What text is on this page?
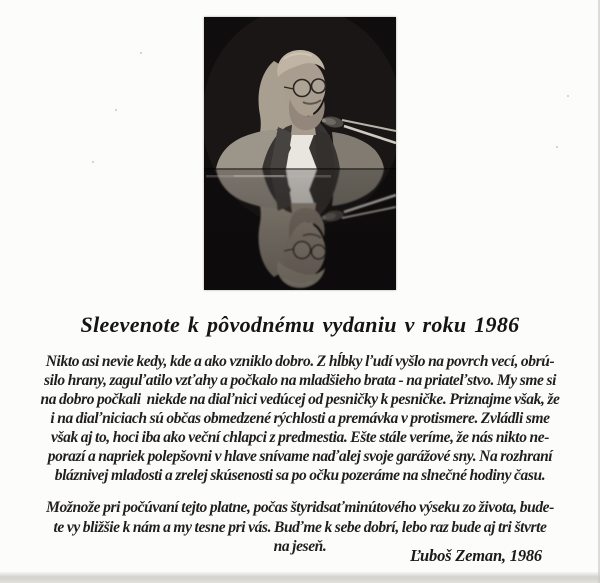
Sleevenote k pôvodnému vydaniu v roku 1986
Nikto asi nevie kedy, kde a ako vzniklo dobro. Z hĺbky ľudí vyšlo na povrch vecí, obrú-
silo hrany, zaguľatilo vzťahy a počkalo na mladšieho brata - na priateľstvo. My sme si
na dobro počkali  niekde na diaľnici vedúcej od pesničky k pesničke. Priznajme však, že
i na diaľniciach sú občas obmedzené rýchlosti a premávka v protismere. Zvládli sme
však aj to, hoci iba ako veční chlapci z predmestia. Ešte stále veríme, že nás nikto ne-
porazí a napriek polepšovni v hlave snívame naďalej svoje garážové sny. Na rozhraní
bláznivej mladosti a zrelej skúsenosti sa po očku pozeráme na slnečné hodiny času.
Možnože pri počúvaní tejto platne, počas štyridsaťminútového výseku zo života, bude-
te vy bližšie k nám a my tesne pri vás. Buďme k sebe dobrí, lebo raz bude aj tri štvrte
na jeseň.	Ľuboš Zeman, 1986
